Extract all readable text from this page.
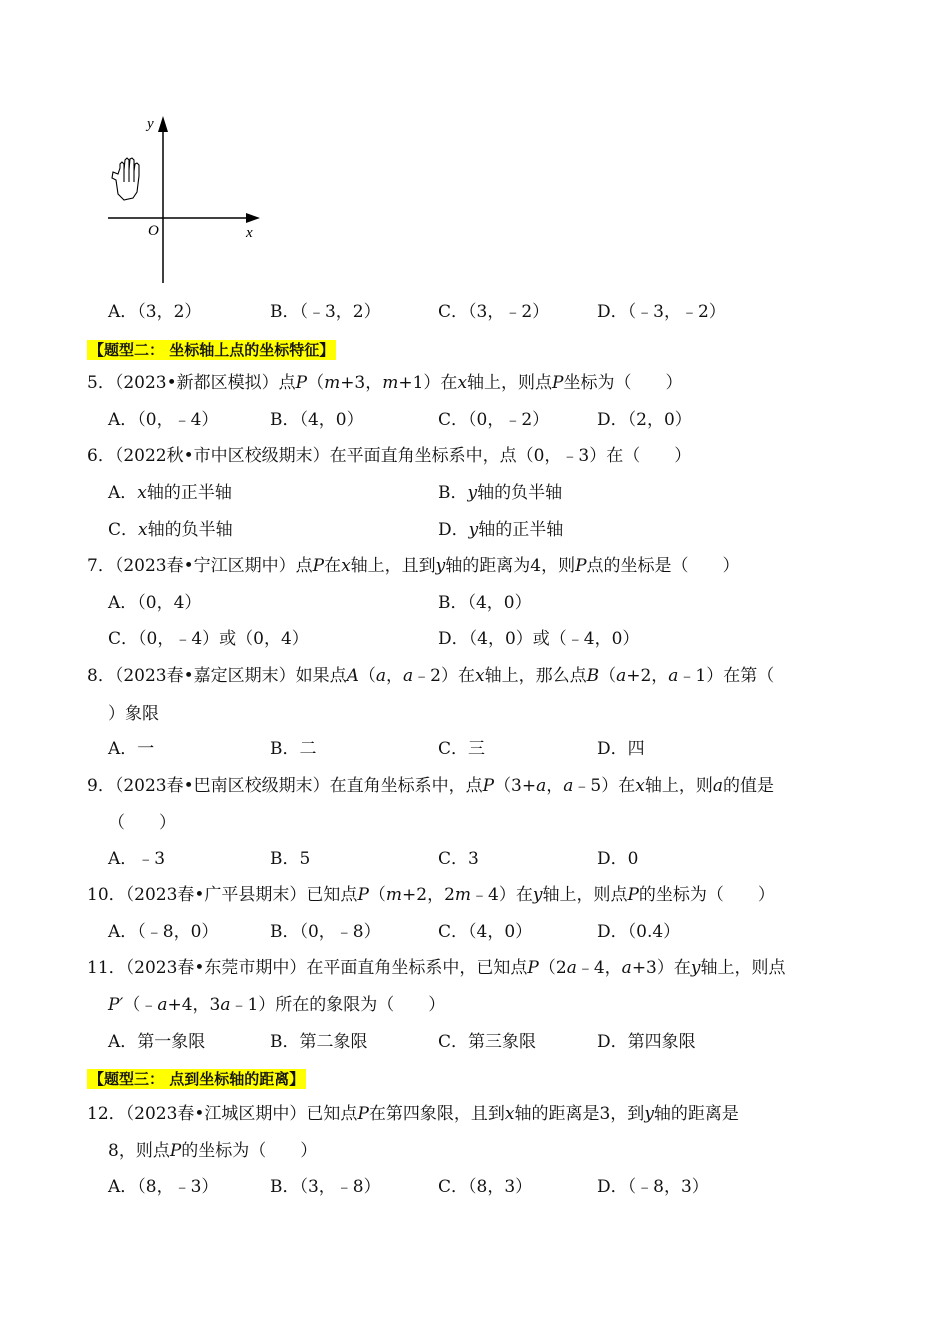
y
x
O
A．（3，2）	B．（﹣3，2）	C．（3，﹣2）	D．（﹣3，﹣2）
【题型二： 坐标轴上点的坐标特征】
5．（2023•新都区模拟）点P（m+3，m+1）在x轴上，则点P坐标为（　　）
A．（0，﹣4）	B．（4，0）	C．（0，﹣2）	D．（2，0）
6．（2022秋•市中区校级期末）在平面直角坐标系中，点（0，﹣3）在（　　）
A．x轴的正半轴	B．y轴的负半轴
C．x轴的负半轴	D．y轴的正半轴
7．（2023春•宁江区期中）点P在x轴上，且到y轴的距离为4，则P点的坐标是（　　）
A．（0，4）	B．（4，0）
C．（0，﹣4）或（0，4）	D．（4，0）或（﹣4，0）
8．（2023春•嘉定区期末）如果点A（a，a﹣2）在x轴上，那么点B（a+2，a﹣1）在第（
）象限
A．一	B．二	C．三	D．四
9．（2023春•巴南区校级期末）在直角坐标系中，点P（3+a，a﹣5）在x轴上，则a的值是
（　　）
A．﹣3	B．5	C．3	D．0
10．（2023春•广平县期末）已知点P（m+2，2m﹣4）在y轴上，则点P的坐标为（　　）
A．（﹣8，0）	B．（0，﹣8）	C．（4，0）	D．（0.4）
11．（2023春•东莞市期中）在平面直角坐标系中，已知点P（2a﹣4，a+3）在y轴上，则点
P′（﹣a+4，3a﹣1）所在的象限为（　　）
A．第一象限	B．第二象限	C．第三象限	D．第四象限
【题型三： 点到坐标轴的距离】
12．（2023春•江城区期中）已知点P在第四象限，且到x轴的距离是3，到y轴的距离是
8，则点P的坐标为（　　）
A．（8，﹣3）	B．（3，﹣8）	C．（8，3）	D．（﹣8，3）
